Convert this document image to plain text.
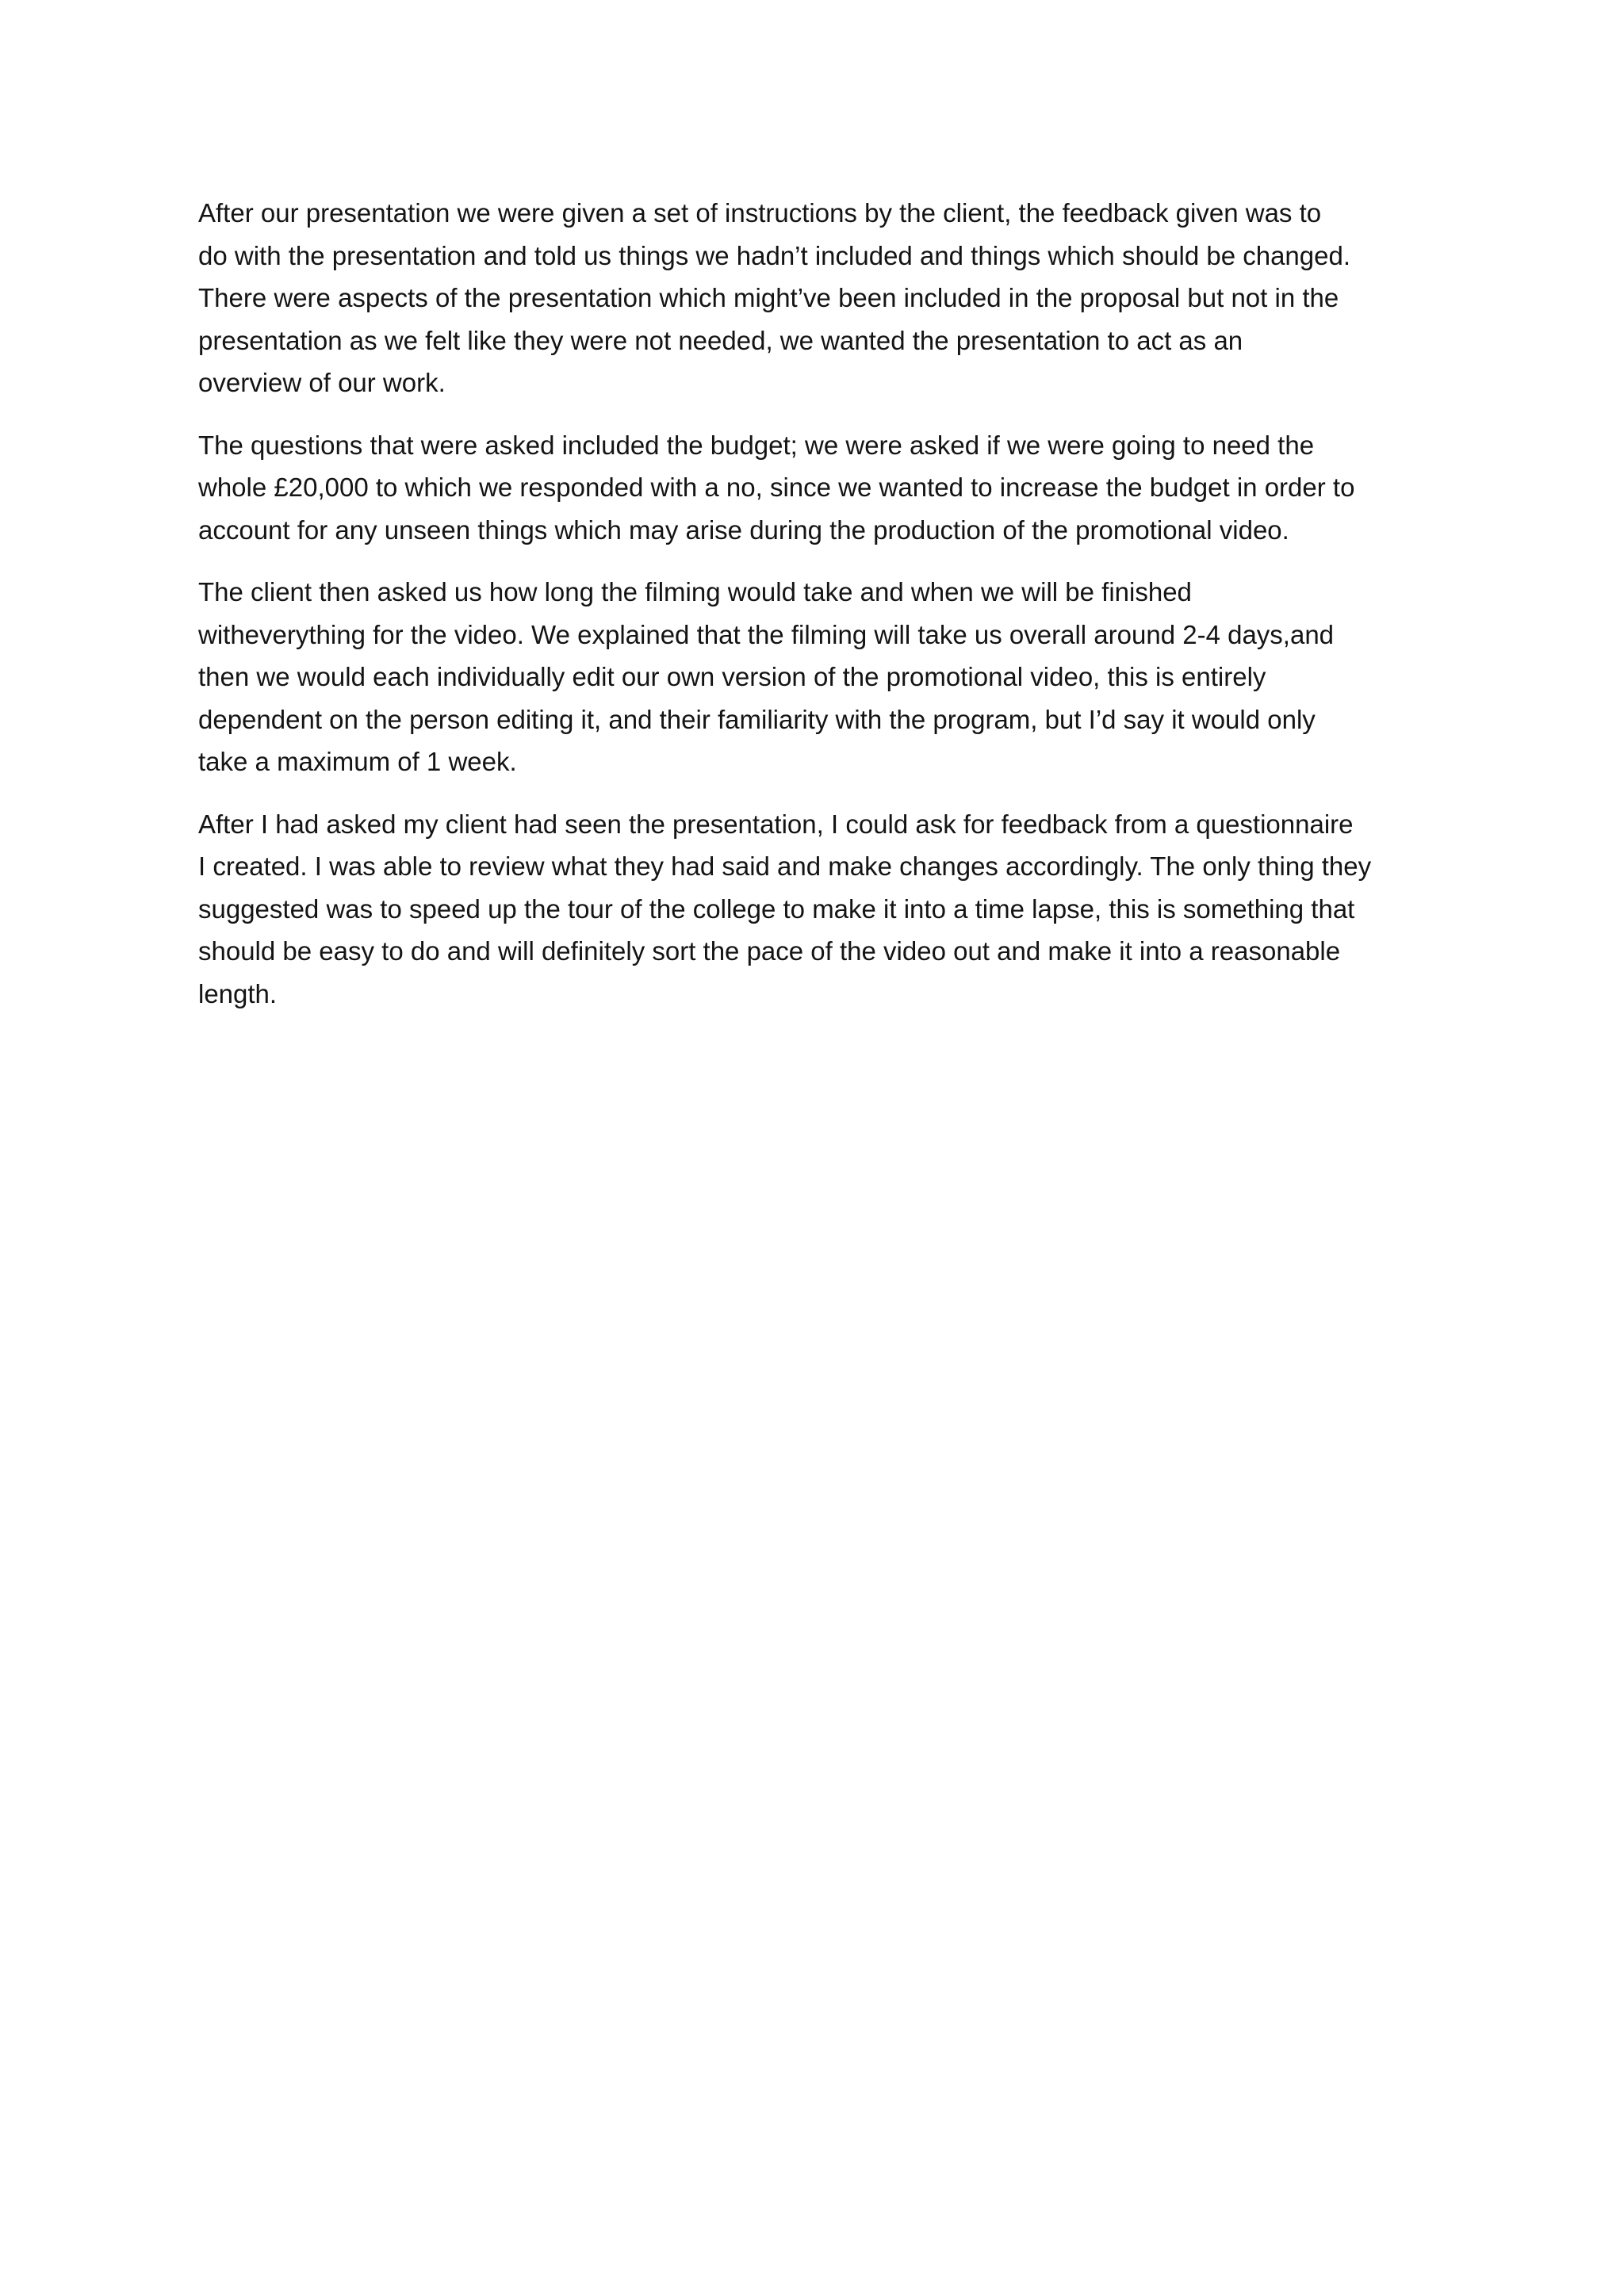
After our presentation we were given a set of instructions by the client, the feedback given was to
do with the presentation and told us things we hadn’t included and things which should be changed.
There were aspects of the presentation which might’ve been included in the proposal but not in the
presentation as we felt like they were not needed, we wanted the presentation to act as an
overview of our work.

The questions that were asked included the budget; we were asked if we were going to need the
whole £20,000 to which we responded with a no, since we wanted to increase the budget in order to
account for any unseen things which may arise during the production of the promotional video.

The client then asked us how long the filming would take and when we will be finished
witheverything for the video. We explained that the filming will take us overall around 2-4 days,and
then we would each individually edit our own version of the promotional video, this is entirely
dependent on the person editing it, and their familiarity with the program, but I’d say it would only
take a maximum of 1 week.

After I had asked my client had seen the presentation, I could ask for feedback from a questionnaire
I created. I was able to review what they had said and make changes accordingly. The only thing they
suggested was to speed up the tour of the college to make it into a time lapse, this is something that
should be easy to do and will definitely sort the pace of the video out and make it into a reasonable
length.
